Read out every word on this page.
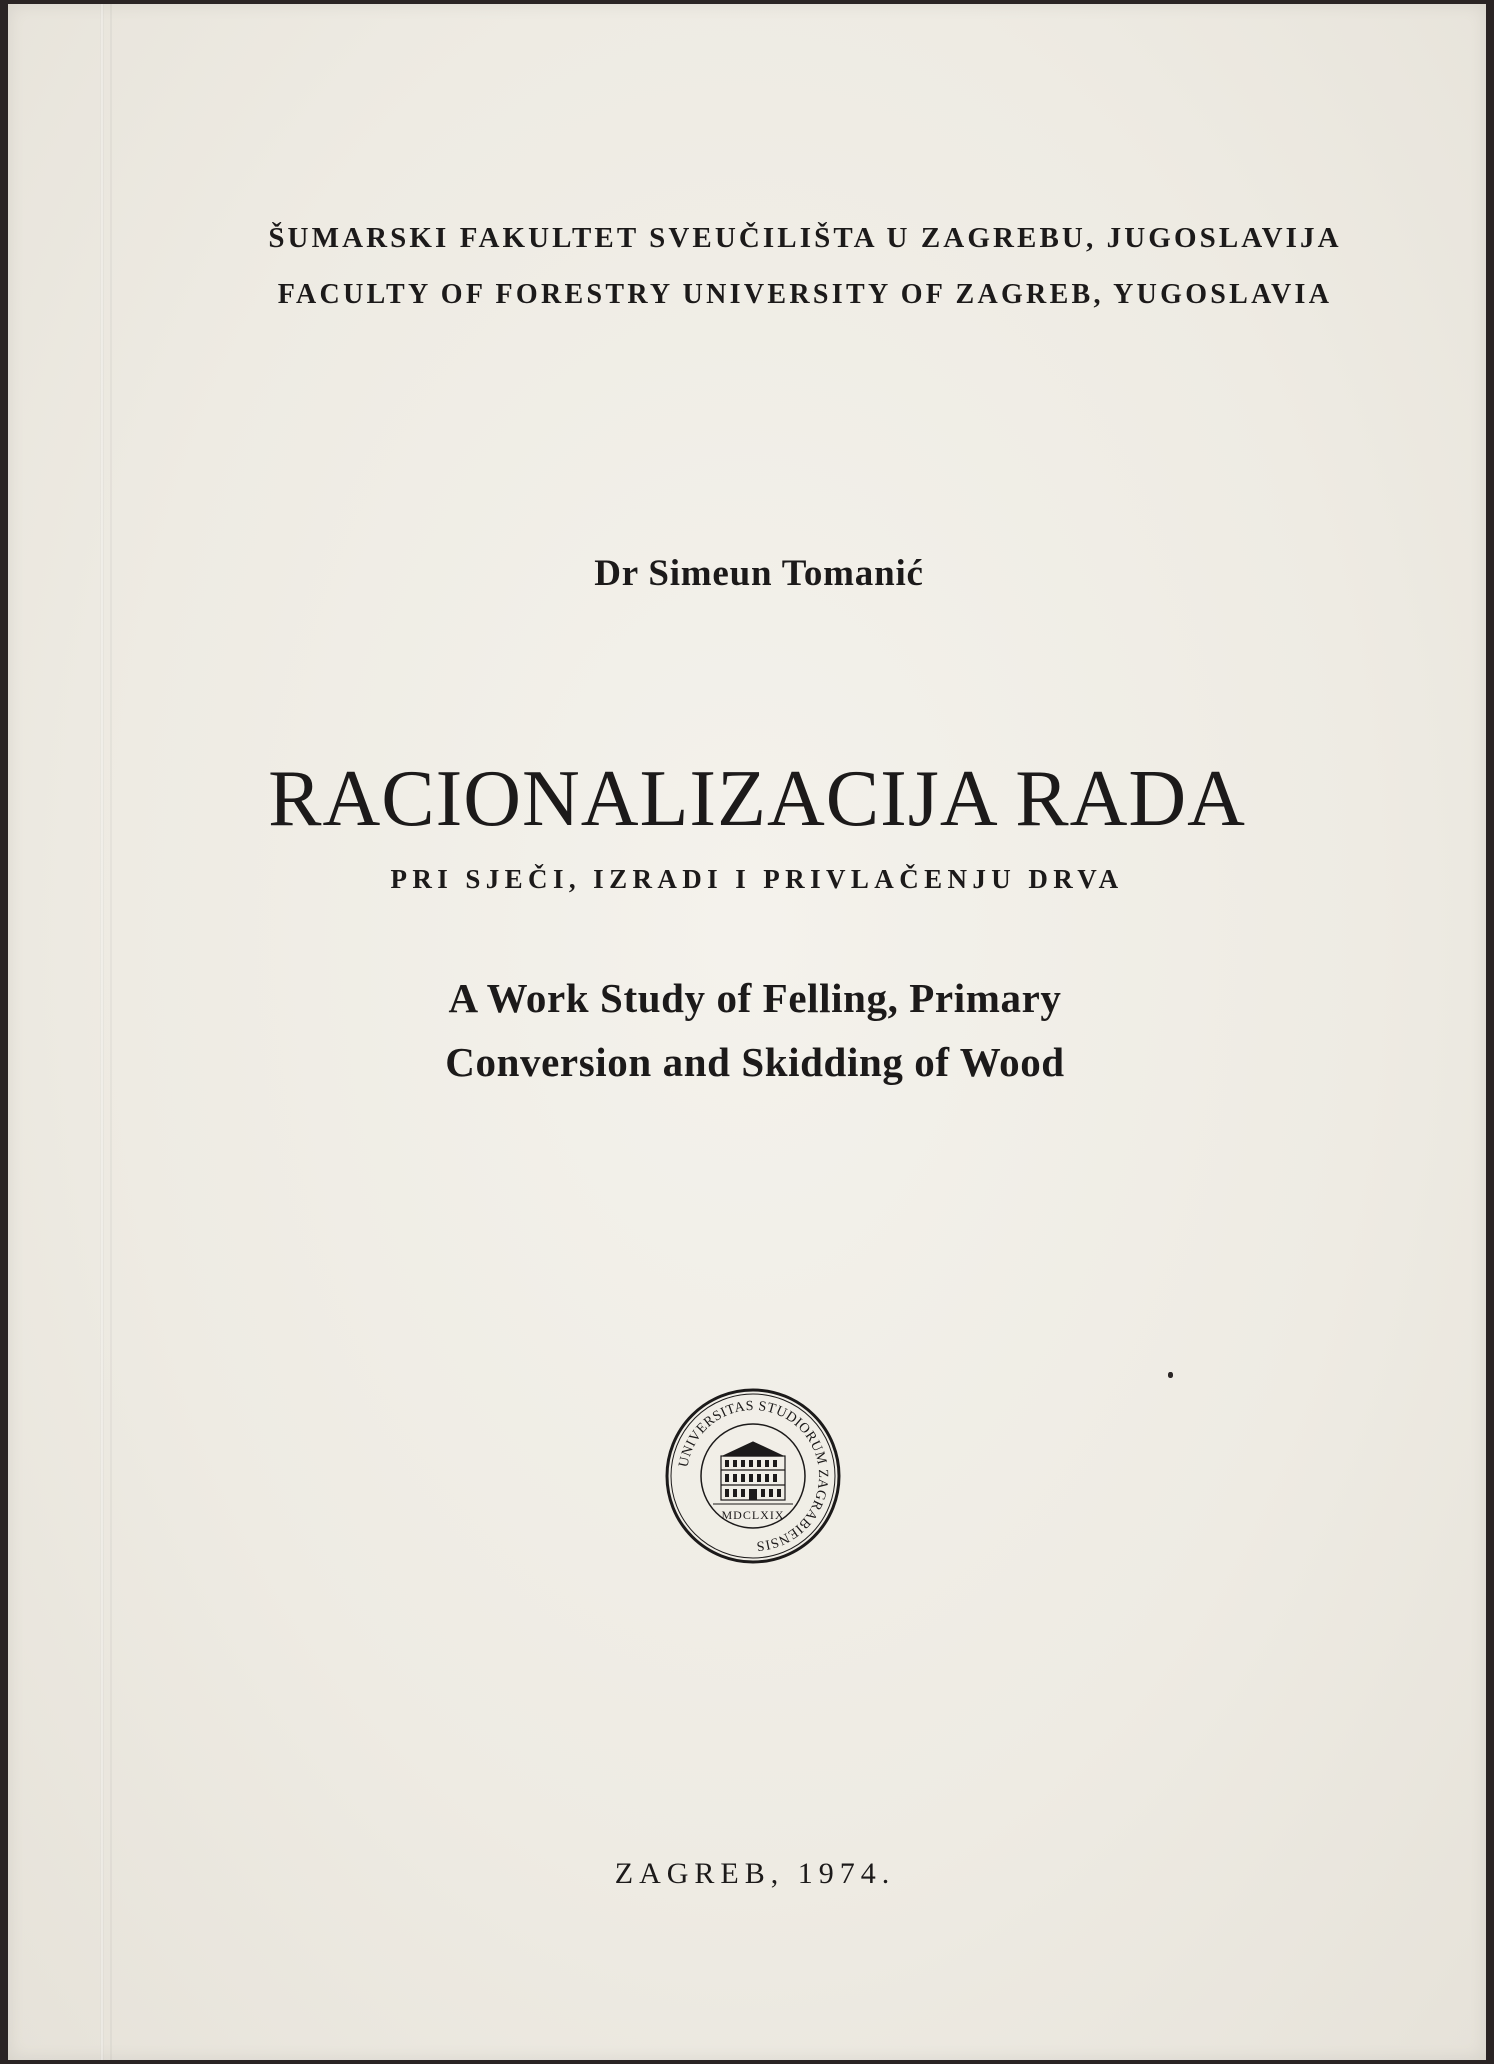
ŠUMARSKI FAKULTET SVEUČILIŠTA U ZAGREBU, JUGOSLAVIJA
FACULTY OF FORESTRY UNIVERSITY OF ZAGREB, YUGOSLAVIA
Dr Simeun Tomanić
RACIONALIZACIJA RADA
PRI SJEČI, IZRADI I PRIVLAČENJU DRVA
A Work Study of Felling, Primary
Conversion and Skidding of Wood
UNIVERSITAS STUDIORUM ZAGRABIENSIS
MDCLXIX
ZAGREB, 1974.
